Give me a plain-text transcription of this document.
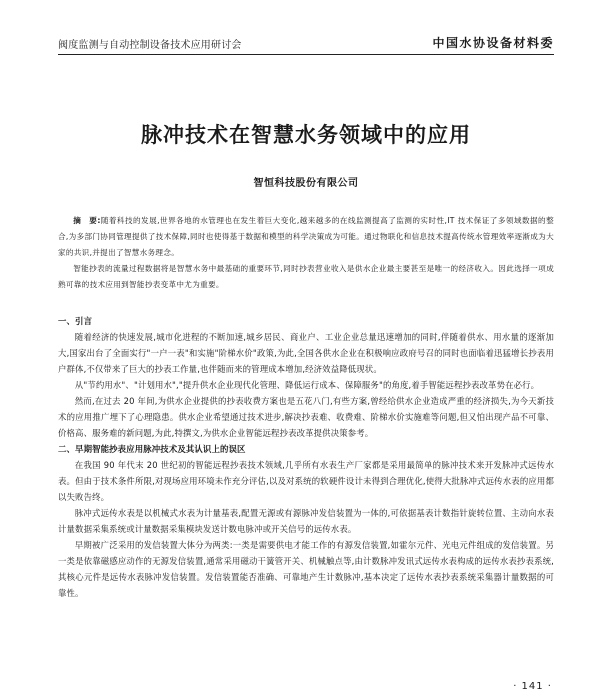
阀度监测与自动控制设备技术应用研讨会	中国水协设备材料委
脉冲技术在智慧水务领域中的应用
智恒科技股份有限公司

摘　要:随着科技的发展,世界各地的水管理也在发生着巨大变化,越来越多的在线监测提高了监测的实时性,IT 技术保证了多领域数据的整合,为多部门协同管理提供了技术保障,同时也使得基于数据和模型的科学决策成为可能。通过物联化和信息技术提高传统水管理效率逐渐成为大家的共识,并提出了智慧水务理念。

智能抄表的流量过程数据将是智慧水务中最基础的重要环节,同时抄表营业收入是供水企业最主要甚至是唯一的经济收入。因此选择一项成熟可靠的技术应用到智能抄表变革中尤为重要。

一、引言

随着经济的快速发展,城市化进程的不断加速,城乡居民、商业户、工业企业总量迅速增加的同时,伴随着供水、用水量的逐渐加大,国家出台了全面实行"一户一表"和实施"阶梯水价"政策,为此,全国各供水企业在积极响应政府号召的同时也面临着迅猛增长抄表用户群体,不仅带来了巨大的抄表工作量,也伴随而来的管理成本增加,经济效益降低现状。

从"节约用水"、"计划用水","提升供水企业现代化管理、降低运行成本、保障服务"的角度,着手智能远程抄表改革势在必行。

然而,在过去 20 年间,为供水企业提供的抄表收费方案也是五花八门,有些方案,曾经给供水企业造成严重的经济损失,为今天新技术的应用推广埋下了心理隐患。供水企业希望通过技术进步,解决抄表难、收费难、阶梯水价实施难等问题,但又怕出现产品不可靠、价格高、服务难的新问题,为此,特撰文,为供水企业智能远程抄表改革提供决策参考。

二、早期智能抄表应用脉冲技术及其认识上的误区

在我国 90 年代末 20 世纪初的智能远程抄表技术领域,几乎所有水表生产厂家都是采用最简单的脉冲技术来开发脉冲式远传水表。但由于技术条件所限,对现场应用环境未作充分评估,以及对系统的软硬件设计未得到合理优化,使得大批脉冲式远传水表的应用都以失败告终。

脉冲式远传水表是以机械式水表为计量基表,配置无源或有源脉冲发信装置为一体的,可依据基表计数指针旋转位置、主动向水表计量数据采集系统或计量数据采集模块发送计数电脉冲或开关信号的远传水表。

早期被广泛采用的发信装置大体分为两类:一类是需要供电才能工作的有源发信装置,如霍尔元件、光电元件组成的发信装置。另一类是依靠磁感应动作的无源发信装置,通常采用磁动干簧管开关、机械触点等,由计数脉冲发讯式远传水表构成的远传水表抄表系统,其核心元件是远传水表脉冲发信装置。发信装置能否准确、可靠地产生计数脉冲,基本决定了远传水表抄表系统采集器计量数据的可靠性。

· 141 ·
